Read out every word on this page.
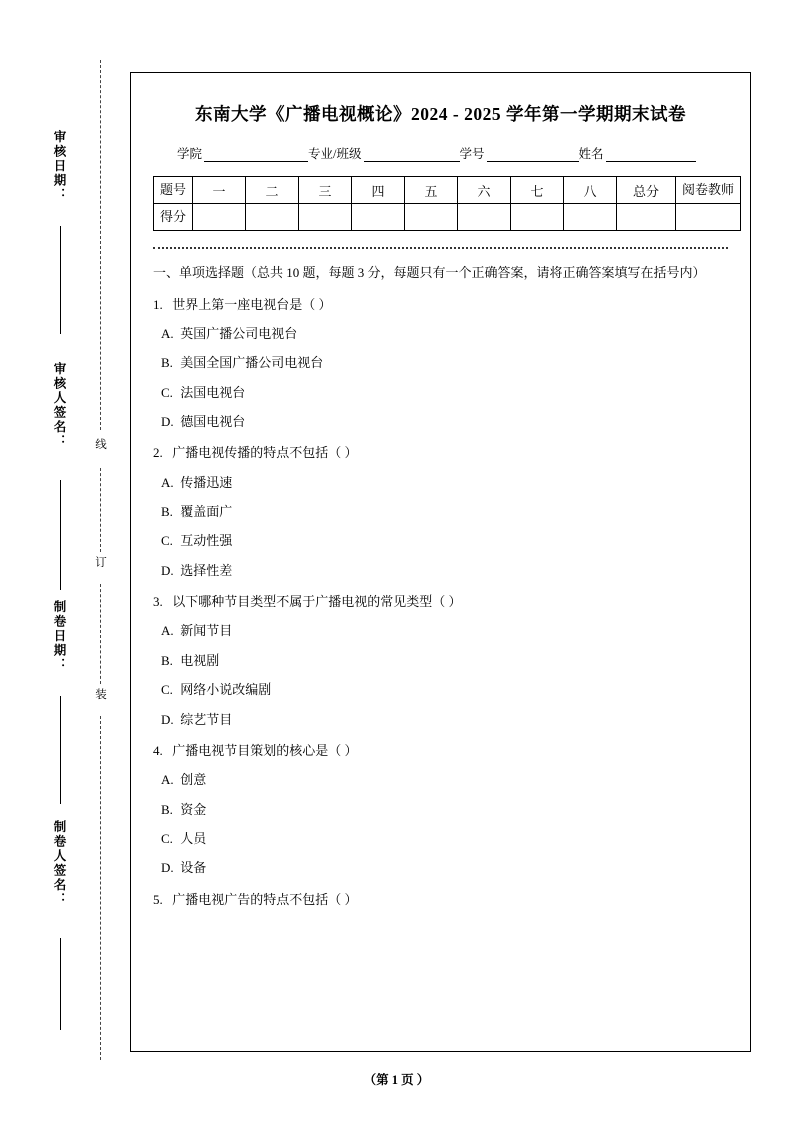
审核日期：
审核人签名：
制卷日期：
制卷人签名：
线
订
装
东南大学《广播电视概论》2024 - 2025 学年第一学期期末试卷
学院	专业/班级	学号	姓名
题号	一	二	三	四	五	六	七	八	总分	阅卷教师
得分										
一、单项选择题（总共 10 题，每题 3 分，每题只有一个正确答案，请将正确答案填写在括号内）
1. 世界上第一座电视台是（ ）
A. 英国广播公司电视台
B. 美国全国广播公司电视台
C. 法国电视台
D. 德国电视台
2. 广播电视传播的特点不包括（ ）
A. 传播迅速
B. 覆盖面广
C. 互动性强
D. 选择性差
3. 以下哪种节目类型不属于广播电视的常见类型（ ）
A. 新闻节目
B. 电视剧
C. 网络小说改编剧
D. 综艺节目
4. 广播电视节目策划的核心是（ ）
A. 创意
B. 资金
C. 人员
D. 设备
5. 广播电视广告的特点不包括（ ）
（第 1 页 ）
